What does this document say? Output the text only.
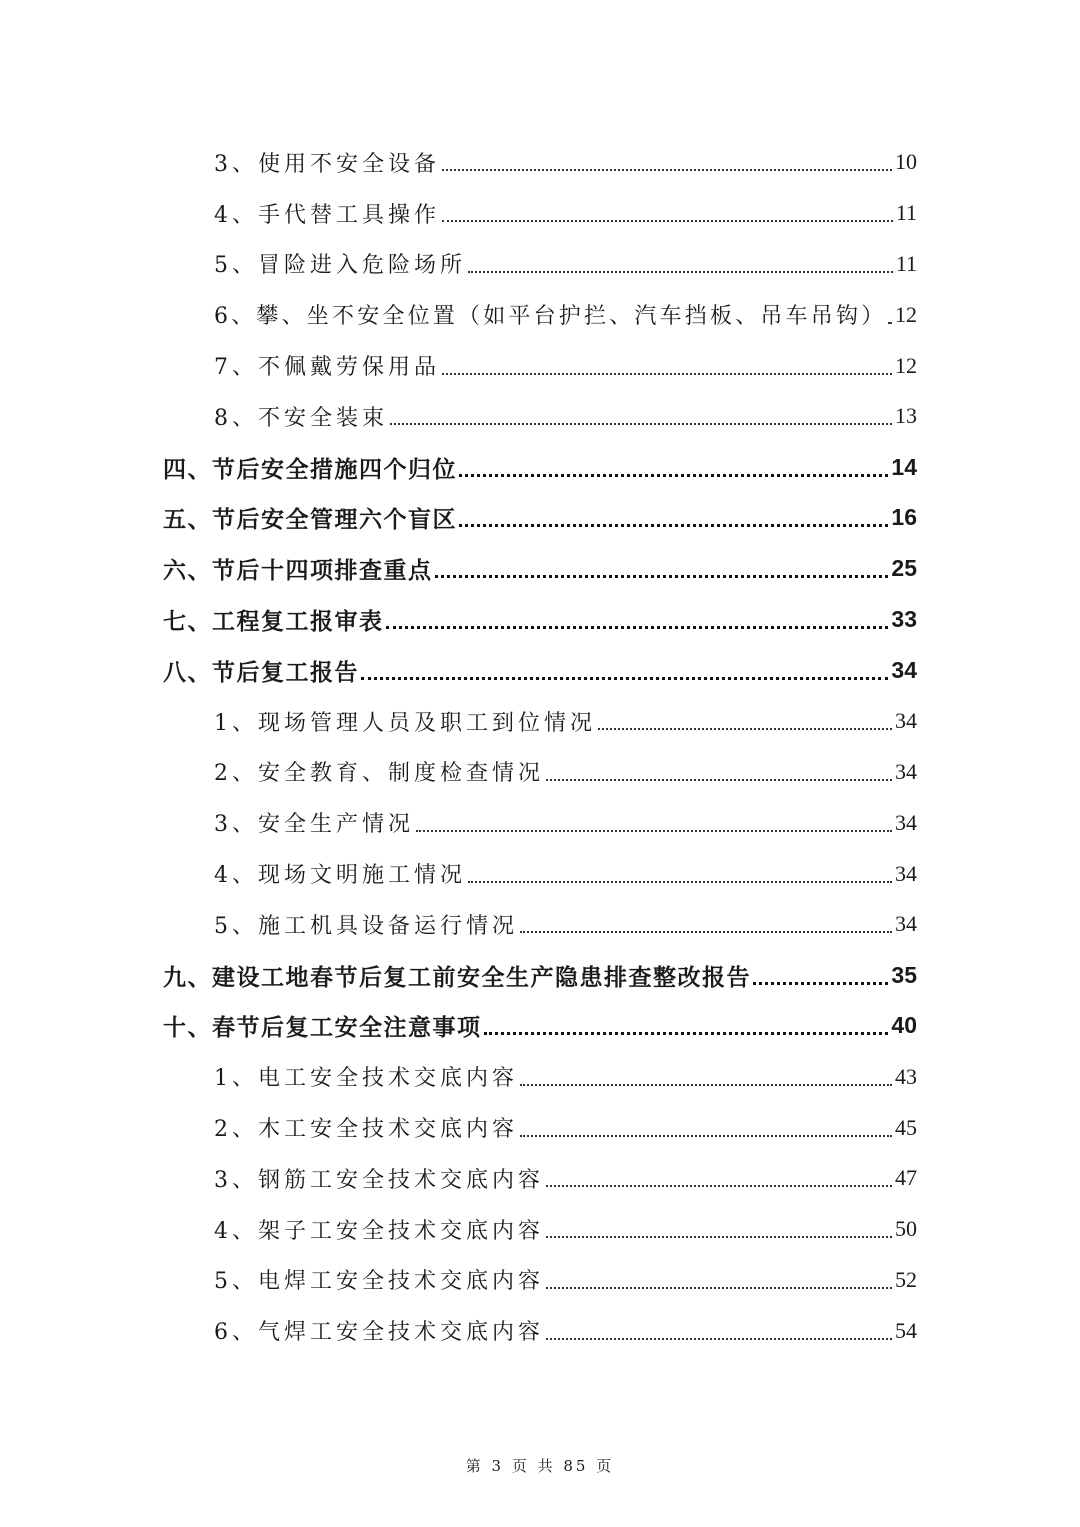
3、使用不安全设备	10
4、手代替工具操作	11
5、冒险进入危险场所	11
6、攀、坐不安全位置（如平台护拦、汽车挡板、吊车吊钩） 12
7、不佩戴劳保用品	12
8、不安全装束	13
四、节后安全措施四个归位	14
五、节后安全管理六个盲区	16
六、节后十四项排查重点	25
七、工程复工报审表	33
八、节后复工报告	34
1、现场管理人员及职工到位情况	34
2、安全教育、制度检查情况	34
3、安全生产情况	34
4、现场文明施工情况	34
5、施工机具设备运行情况	34
九、建设工地春节后复工前安全生产隐患排查整改报告	35
十、春节后复工安全注意事项	40
1、电工安全技术交底内容	43
2、木工安全技术交底内容	45
3、钢筋工安全技术交底内容	47
4、架子工安全技术交底内容	50
5、电焊工安全技术交底内容	52
6、气焊工安全技术交底内容	54
第 3 页 共 85 页
